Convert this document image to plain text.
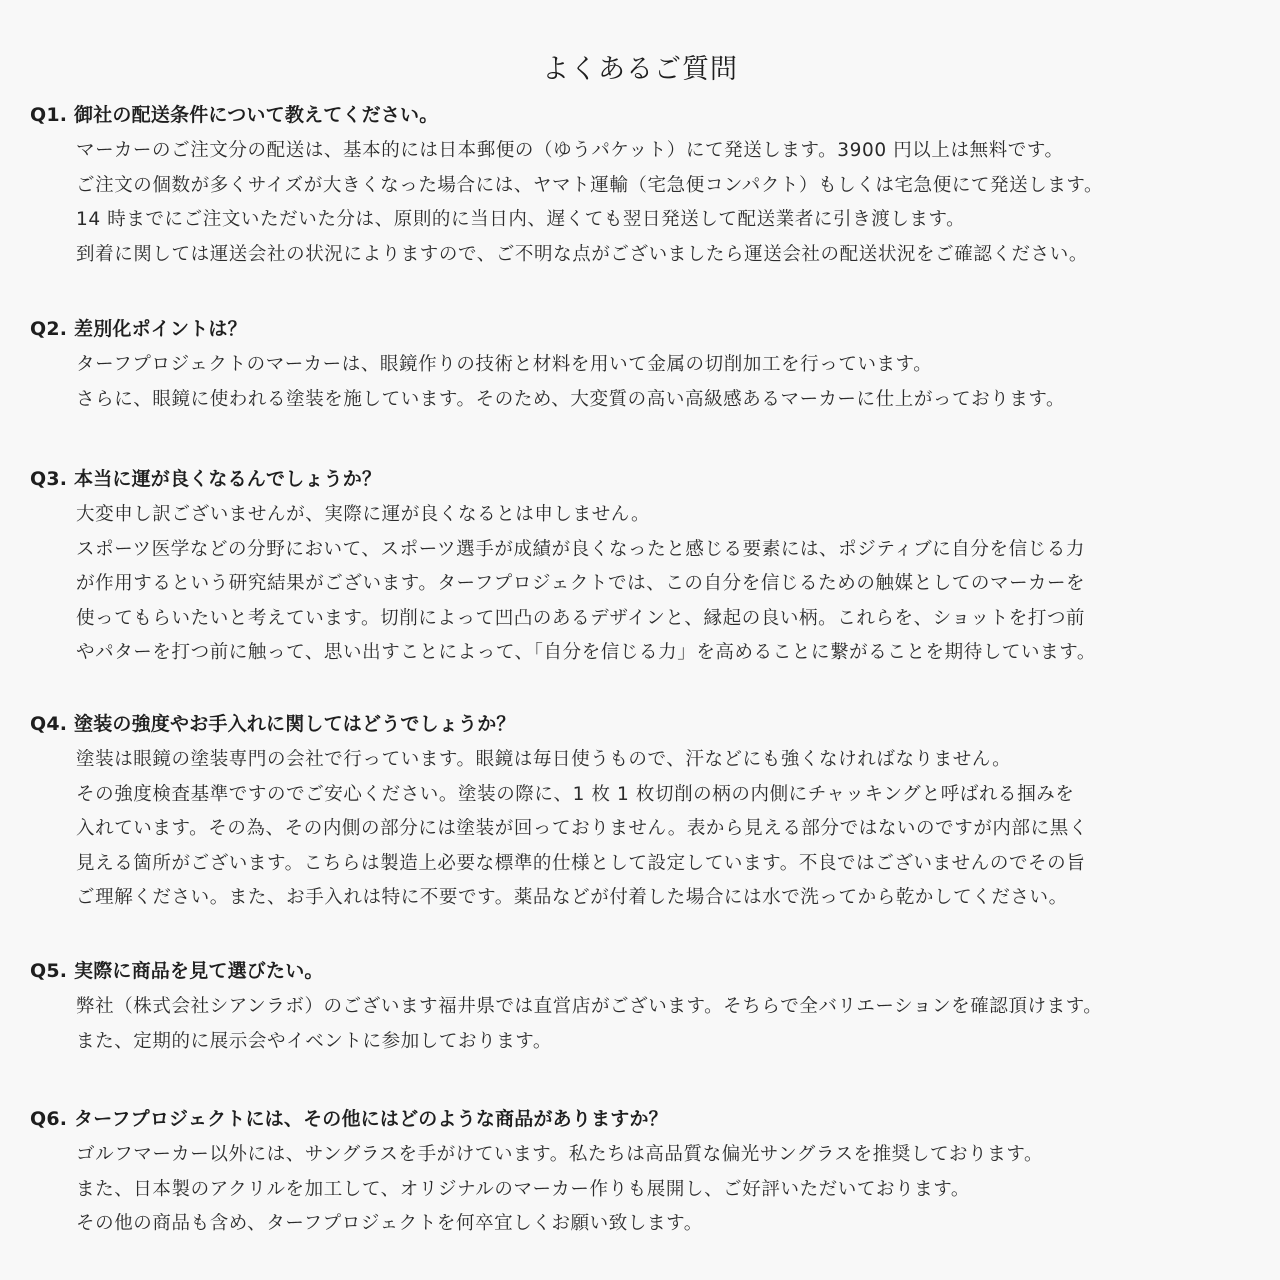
よくあるご質問
Q1. 御社の配送条件について教えてください。
マーカーのご注文分の配送は、基本的には日本郵便の（ゆうパケット）にて発送します。3900 円以上は無料です。
ご注文の個数が多くサイズが大きくなった場合には、ヤマト運輸（宅急便コンパクト）もしくは宅急便にて発送します。
14 時までにご注文いただいた分は、原則的に当日内、遅くても翌日発送して配送業者に引き渡します。
到着に関しては運送会社の状況によりますので、ご不明な点がございましたら運送会社の配送状況をご確認ください。
Q2. 差別化ポイントは？
ターフプロジェクトのマーカーは、眼鏡作りの技術と材料を用いて金属の切削加工を行っています。
さらに、眼鏡に使われる塗装を施しています。そのため、大変質の高い高級感あるマーカーに仕上がっております。
Q3. 本当に運が良くなるんでしょうか？
大変申し訳ございませんが、実際に運が良くなるとは申しません。
スポーツ医学などの分野において、スポーツ選手が成績が良くなったと感じる要素には、ポジティブに自分を信じる力
が作用するという研究結果がございます。ターフプロジェクトでは、この自分を信じるための触媒としてのマーカーを
使ってもらいたいと考えています。切削によって凹凸のあるデザインと、縁起の良い柄。これらを、ショットを打つ前
やパターを打つ前に触って、思い出すことによって、「自分を信じる力」を高めることに繋がることを期待しています。
Q4. 塗装の強度やお手入れに関してはどうでしょうか？
塗装は眼鏡の塗装専門の会社で行っています。眼鏡は毎日使うもので、汗などにも強くなければなりません。
その強度検査基準ですのでご安心ください。塗装の際に、1 枚 1 枚切削の柄の内側にチャッキングと呼ばれる掴みを
入れています。その為、その内側の部分には塗装が回っておりません。表から見える部分ではないのですが内部に黒く
見える箇所がございます。こちらは製造上必要な標準的仕様として設定しています。不良ではございませんのでその旨
ご理解ください。また、お手入れは特に不要です。薬品などが付着した場合には水で洗ってから乾かしてください。
Q5. 実際に商品を見て選びたい。
弊社（株式会社シアンラボ）のございます福井県では直営店がございます。そちらで全バリエーションを確認頂けます。
また、定期的に展示会やイベントに参加しております。
Q6. ターフプロジェクトには、その他にはどのような商品がありますか？
ゴルフマーカー以外には、サングラスを手がけています。私たちは高品質な偏光サングラスを推奨しております。
また、日本製のアクリルを加工して、オリジナルのマーカー作りも展開し、ご好評いただいております。
その他の商品も含め、ターフプロジェクトを何卒宜しくお願い致します。
